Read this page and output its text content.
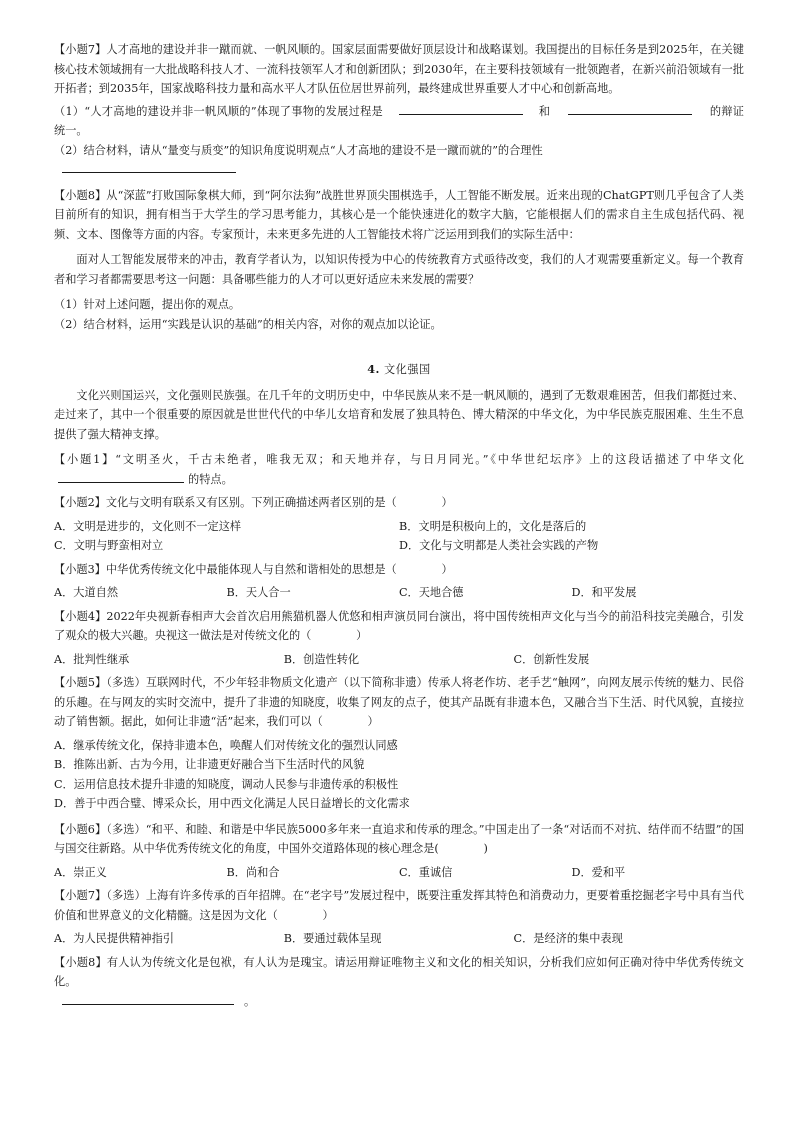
【小题7】人才高地的建设并非一蹴而就、一帆风顺的。国家层面需要做好顶层设计和战略谋划。我国提出的目标任务是到2025年，在关键核心技术领域拥有一大批战略科技人才、一流科技领军人才和创新团队；到2030年，在主要科技领域有一批领跑者，在新兴前沿领域有一批开拓者；到2035年，国家战略科技力量和高水平人才队伍位居世界前列，最终建成世界重要人才中心和创新高地。

（1）“人才高地的建设并非一帆风顺的”体现了事物的发展过程是	和	的辩证统一。

（2）结合材料，请从“量变与质变”的知识角度说明观点“人才高地的建设不是一蹴而就的”的合理性

【小题8】从“深蓝”打败国际象棋大师，到“阿尔法狗”战胜世界顶尖围棋选手，人工智能不断发展。近来出现的ChatGPT则几乎包含了人类目前所有的知识，拥有相当于大学生的学习思考能力，其核心是一个能快速进化的数字大脑，它能根据人们的需求自主生成包括代码、视频、文本、图像等方面的内容。专家预计，未来更多先进的人工智能技术将广泛运用到我们的实际生活中：

面对人工智能发展带来的冲击，教育学者认为，以知识传授为中心的传统教育方式亟待改变，我们的人才观需要重新定义。每一个教育者和学习者都需要思考这一问题：具备哪些能力的人才可以更好适应未来发展的需要？

（1）针对上述问题，提出你的观点。

（2）结合材料，运用“实践是认识的基础”的相关内容，对你的观点加以论证。

4. 文化强国

文化兴则国运兴，文化强则民族强。在几千年的文明历史中，中华民族从来不是一帆风顺的，遇到了无数艰难困苦，但我们都挺过来、走过来了，其中一个很重要的原因就是世世代代的中华儿女培育和发展了独具特色、博大精深的中华文化，为中华民族克服困难、生生不息提供了强大精神支撑。

【小题1】“文明圣火，千古未绝者，唯我无双；和天地并存，与日月同光。”《中华世纪坛序》上的这段话描述了中华文化的特点。

【小题2】文化与文明有联系又有区别。下列正确描述两者区别的是（　　　　）

A．文明是进步的，文化则不一定这样	B．文明是积极向上的，文化是落后的
C．文明与野蛮相对立	D．文化与文明都是人类社会实践的产物

【小题3】中华优秀传统文化中最能体现人与自然和谐相处的思想是（　　　　）

A．大道自然	B．天人合一	C．天地合德	D．和平发展

【小题4】2022年央视新春相声大会首次启用熊猫机器人优悠和相声演员同台演出，将中国传统相声文化与当今的前沿科技完美融合，引发了观众的极大兴趣。央视这一做法是对传统文化的（　　　　）

A．批判性继承	B．创造性转化	C．创新性发展

【小题5】（多选）互联网时代，不少年轻非物质文化遗产（以下简称非遗）传承人将老作坊、老手艺“触网”，向网友展示传统的魅力、民俗的乐趣。在与网友的实时交流中，提升了非遗的知晓度，收集了网友的点子，使其产品既有非遗本色，又融合当下生活、时代风貌，直接拉动了销售额。据此，如何让非遗“活”起来，我们可以（　　　　）

A．继承传统文化，保持非遗本色，唤醒人们对传统文化的强烈认同感

B．推陈出新、古为今用，让非遗更好融合当下生活时代的风貌

C．运用信息技术提升非遗的知晓度，调动人民参与非遗传承的积极性

D．善于中西合璧、博采众长，用中西文化满足人民日益增长的文化需求

【小题6】（多选）“和平、和睦、和谐是中华民族5000多年来一直追求和传承的理念。”中国走出了一条“对话而不对抗、结伴而不结盟”的国与国交往新路。从中华优秀传统文化的角度，中国外交道路体现的核心理念是(　　　　)

A．崇正义	B．尚和合	C．重诚信	D．爱和平

【小题7】（多选）上海有许多传承的百年招牌。在“老字号”发展过程中，既要注重发挥其特色和消费动力，更要着重挖掘老字号中具有当代价值和世界意义的文化精髓。这是因为文化（　　　　）

A．为人民提供精神指引	B．要通过载体呈现	C．是经济的集中表现

【小题8】有人认为传统文化是包袱，有人认为是瑰宝。请运用辩证唯物主义和文化的相关知识，分析我们应如何正确对待中华优秀传统文化。

。
